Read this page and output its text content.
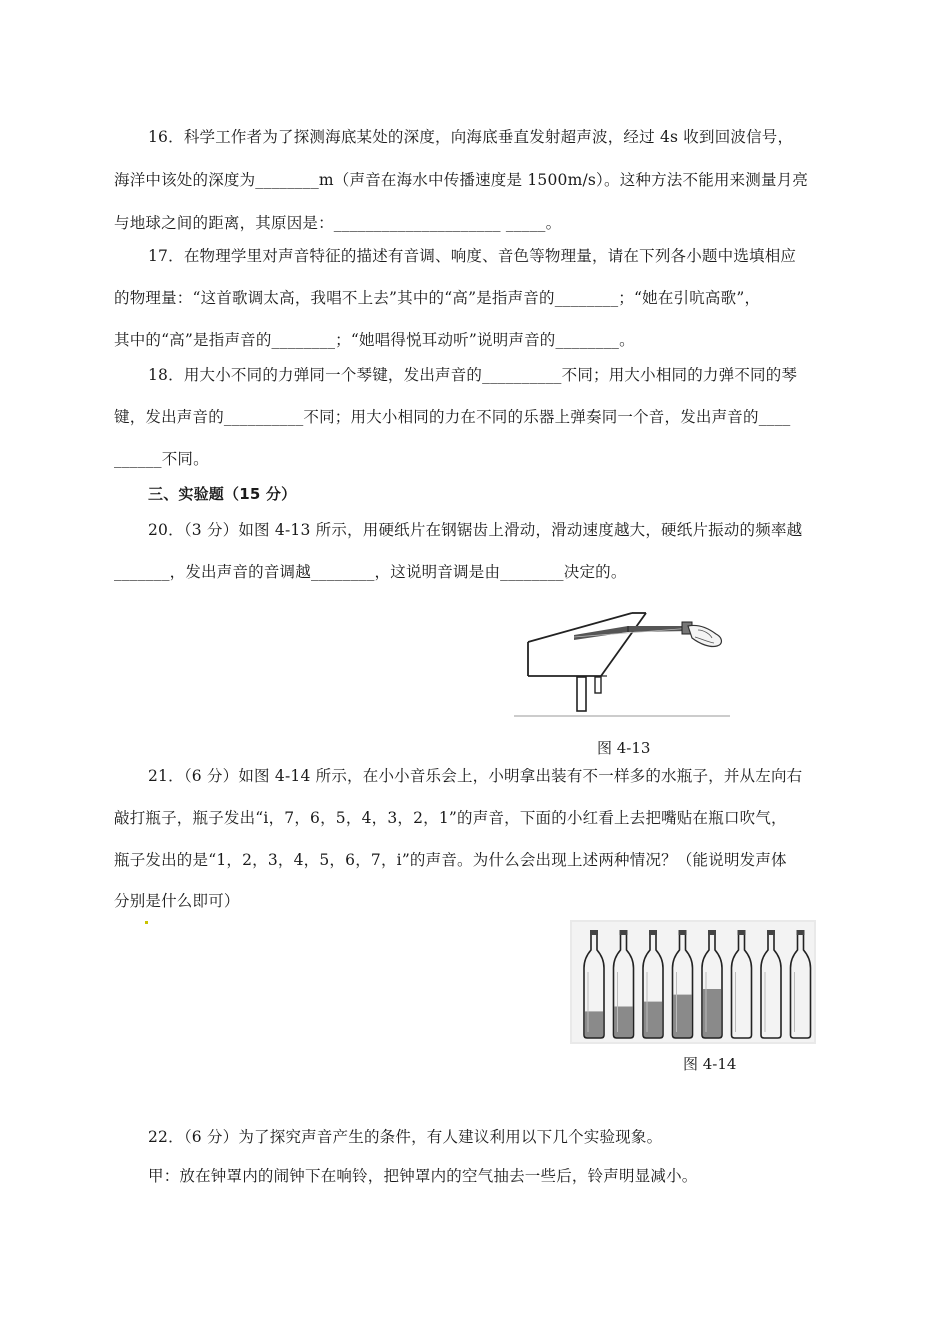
16．科学工作者为了探测海底某处的深度，向海底垂直发射超声波，经过 4s 收到回波信号，
海洋中该处的深度为________m（声音在海水中传播速度是 1500m/s）。这种方法不能用来测量月亮
与地球之间的距离，其原因是：_____________________ _____。
17．在物理学里对声音特征的描述有音调、响度、音色等物理量，请在下列各小题中选填相应
的物理量：“这首歌调太高，我唱不上去”其中的“高”是指声音的________；“她在引吭高歌”，
其中的“高”是指声音的________；“她唱得悦耳动听”说明声音的________。
18．用大小不同的力弹同一个琴键，发出声音的__________不同；用大小相同的力弹不同的琴
键，发出声音的__________不同；用大小相同的力在不同的乐器上弹奏同一个音，发出声音的____
______不同。
三、实验题（15 分）
20．（3 分）如图 4-13 所示，用硬纸片在钢锯齿上滑动，滑动速度越大，硬纸片振动的频率越
_______，发出声音的音调越________，这说明音调是由________决定的。
图 4-13
21．（6 分）如图 4-14 所示，在小小音乐会上，小明拿出装有不一样多的水瓶子，并从左向右
敲打瓶子，瓶子发出“i，7，6，5，4，3，2，1”的声音，下面的小红看上去把嘴贴在瓶口吹气，
瓶子发出的是“1，2，3，4，5，6，7，i”的声音。为什么会出现上述两种情况？（能说明发声体
分别是什么即可）
图 4-14
22．（6 分）为了探究声音产生的条件，有人建议利用以下几个实验现象。
甲：放在钟罩内的闹钟下在响铃，把钟罩内的空气抽去一些后，铃声明显减小。
